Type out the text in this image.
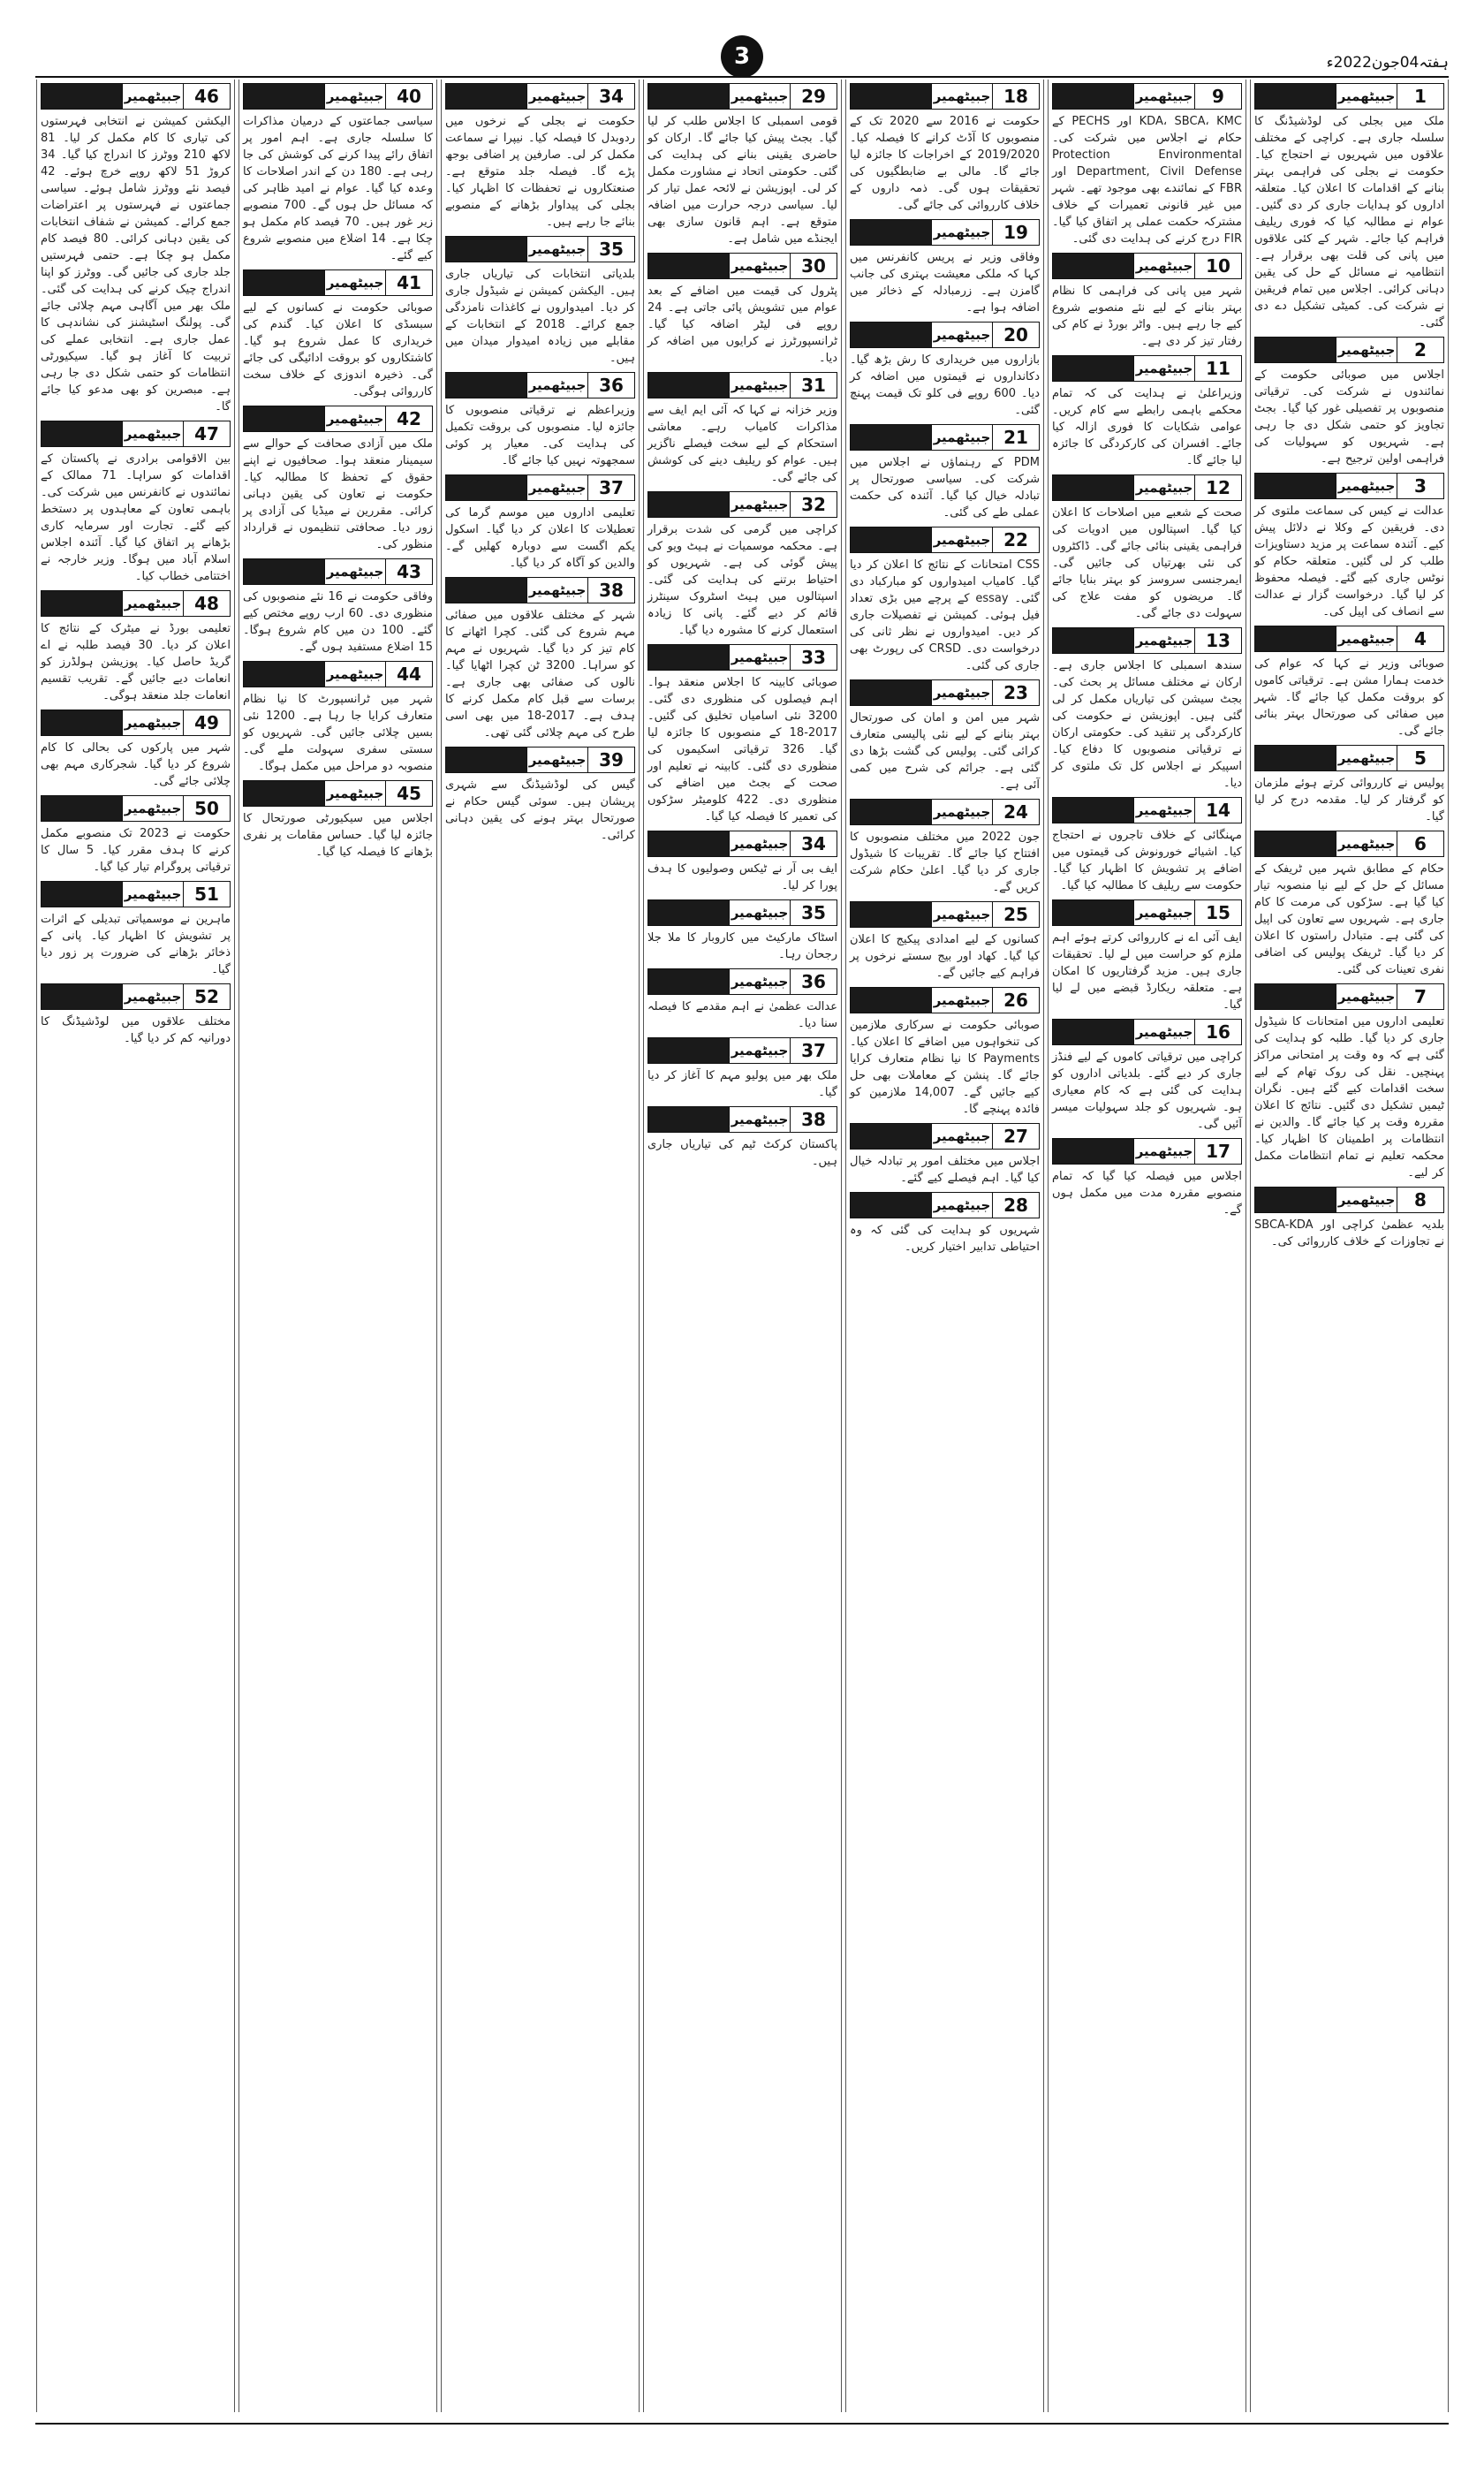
3	ہفتہ04جون2022ء
جبیٹھمیر	1
ملک میں بجلی کی لوڈشیڈنگ کا سلسلہ جاری ہے۔ کراچی کے مختلف علاقوں میں شہریوں نے احتجاج کیا۔ حکومت نے بجلی کی فراہمی بہتر بنانے کے اقدامات کا اعلان کیا۔ متعلقہ اداروں کو ہدایات جاری کر دی گئیں۔ عوام نے مطالبہ کیا کہ فوری ریلیف فراہم کیا جائے۔ شہر کے کئی علاقوں میں پانی کی قلت بھی برقرار ہے۔ انتظامیہ نے مسائل کے حل کی یقین دہانی کرائی۔ اجلاس میں تمام فریقین نے شرکت کی۔ کمیٹی تشکیل دے دی گئی۔
جبیٹھمیر	2
اجلاس میں صوبائی حکومت کے نمائندوں نے شرکت کی۔ ترقیاتی منصوبوں پر تفصیلی غور کیا گیا۔ بجٹ تجاویز کو حتمی شکل دی جا رہی ہے۔ شہریوں کو سہولیات کی فراہمی اولین ترجیح ہے۔
جبیٹھمیر	3
عدالت نے کیس کی سماعت ملتوی کر دی۔ فریقین کے وکلا نے دلائل پیش کیے۔ آئندہ سماعت پر مزید دستاویزات طلب کر لی گئیں۔ متعلقہ حکام کو نوٹس جاری کیے گئے۔ فیصلہ محفوظ کر لیا گیا۔ درخواست گزار نے عدالت سے انصاف کی اپیل کی۔
جبیٹھمیر	4
صوبائی وزیر نے کہا کہ عوام کی خدمت ہمارا مشن ہے۔ ترقیاتی کاموں کو بروقت مکمل کیا جائے گا۔ شہر میں صفائی کی صورتحال بہتر بنائی جائے گی۔
جبیٹھمیر	5
پولیس نے کارروائی کرتے ہوئے ملزمان کو گرفتار کر لیا۔ مقدمہ درج کر لیا گیا۔
جبیٹھمیر	6
حکام کے مطابق شہر میں ٹریفک کے مسائل کے حل کے لیے نیا منصوبہ تیار کیا گیا ہے۔ سڑکوں کی مرمت کا کام جاری ہے۔ شہریوں سے تعاون کی اپیل کی گئی ہے۔ متبادل راستوں کا اعلان کر دیا گیا۔ ٹریفک پولیس کی اضافی نفری تعینات کی گئی۔
جبیٹھمیر	7
تعلیمی اداروں میں امتحانات کا شیڈول جاری کر دیا گیا۔ طلبہ کو ہدایت کی گئی ہے کہ وہ وقت پر امتحانی مراکز پہنچیں۔ نقل کی روک تھام کے لیے سخت اقدامات کیے گئے ہیں۔ نگران ٹیمیں تشکیل دی گئیں۔ نتائج کا اعلان مقررہ وقت پر کیا جائے گا۔ والدین نے انتظامات پر اطمینان کا اظہار کیا۔ محکمہ تعلیم نے تمام انتظامات مکمل کر لیے۔
جبیٹھمیر	8
بلدیہ عظمیٰ کراچی اور SBCA-KDA نے تجاوزات کے خلاف کارروائی کی۔
جبیٹھمیر	9
KDA، SBCA، KMC اور PECHS کے حکام نے اجلاس میں شرکت کی۔ Protection Environmental Department, Civil Defense اور FBR کے نمائندے بھی موجود تھے۔ شہر میں غیر قانونی تعمیرات کے خلاف مشترکہ حکمت عملی پر اتفاق کیا گیا۔ FIR درج کرنے کی ہدایت دی گئی۔
جبیٹھمیر 10
شہر میں پانی کی فراہمی کا نظام بہتر بنانے کے لیے نئے منصوبے شروع کیے جا رہے ہیں۔ واٹر بورڈ نے کام کی رفتار تیز کر دی ہے۔
جبیٹھمیر 11
وزیراعلیٰ نے ہدایت کی کہ تمام محکمے باہمی رابطے سے کام کریں۔ عوامی شکایات کا فوری ازالہ کیا جائے۔ افسران کی کارکردگی کا جائزہ لیا جائے گا۔
جبیٹھمیر 12
صحت کے شعبے میں اصلاحات کا اعلان کیا گیا۔ اسپتالوں میں ادویات کی فراہمی یقینی بنائی جائے گی۔ ڈاکٹروں کی نئی بھرتیاں کی جائیں گی۔ ایمرجنسی سروسز کو بہتر بنایا جائے گا۔ مریضوں کو مفت علاج کی سہولت دی جائے گی۔
جبیٹھمیر 13
سندھ اسمبلی کا اجلاس جاری ہے۔ ارکان نے مختلف مسائل پر بحث کی۔ بجٹ سیشن کی تیاریاں مکمل کر لی گئی ہیں۔ اپوزیشن نے حکومت کی کارکردگی پر تنقید کی۔ حکومتی ارکان نے ترقیاتی منصوبوں کا دفاع کیا۔ اسپیکر نے اجلاس کل تک ملتوی کر دیا۔
جبیٹھمیر 14
مہنگائی کے خلاف تاجروں نے احتجاج کیا۔ اشیائے خورونوش کی قیمتوں میں اضافے پر تشویش کا اظہار کیا گیا۔ حکومت سے ریلیف کا مطالبہ کیا گیا۔
جبیٹھمیر 15
ایف آئی اے نے کارروائی کرتے ہوئے اہم ملزم کو حراست میں لے لیا۔ تحقیقات جاری ہیں۔ مزید گرفتاریوں کا امکان ہے۔ متعلقہ ریکارڈ قبضے میں لے لیا گیا۔
جبیٹھمیر 16
کراچی میں ترقیاتی کاموں کے لیے فنڈز جاری کر دیے گئے۔ بلدیاتی اداروں کو ہدایت کی گئی ہے کہ کام معیاری ہو۔ شہریوں کو جلد سہولیات میسر آئیں گی۔
جبیٹھمیر 17
اجلاس میں فیصلہ کیا گیا کہ تمام منصوبے مقررہ مدت میں مکمل ہوں گے۔
جبیٹھمیر 18
حکومت نے 2016 سے 2020 تک کے منصوبوں کا آڈٹ کرانے کا فیصلہ کیا۔ 2019/2020 کے اخراجات کا جائزہ لیا جائے گا۔ مالی بے ضابطگیوں کی تحقیقات ہوں گی۔ ذمہ داروں کے خلاف کارروائی کی جائے گی۔
جبیٹھمیر 19
وفاقی وزیر نے پریس کانفرنس میں کہا کہ ملکی معیشت بہتری کی جانب گامزن ہے۔ زرمبادلہ کے ذخائر میں اضافہ ہوا ہے۔
جبیٹھمیر 20
بازاروں میں خریداری کا رش بڑھ گیا۔ دکانداروں نے قیمتوں میں اضافہ کر دیا۔ 600 روپے فی کلو تک قیمت پہنچ گئی۔
جبیٹھمیر 21
PDM کے رہنماؤں نے اجلاس میں شرکت کی۔ سیاسی صورتحال پر تبادلہ خیال کیا گیا۔ آئندہ کی حکمت عملی طے کی گئی۔
جبیٹھمیر 22
CSS امتحانات کے نتائج کا اعلان کر دیا گیا۔ کامیاب امیدواروں کو مبارکباد دی گئی۔ essay کے پرچے میں بڑی تعداد فیل ہوئی۔ کمیشن نے تفصیلات جاری کر دیں۔ امیدواروں نے نظر ثانی کی درخواست دی۔ CRSD کی رپورٹ بھی جاری کی گئی۔
جبیٹھمیر 23
شہر میں امن و امان کی صورتحال بہتر بنانے کے لیے نئی پالیسی متعارف کرائی گئی۔ پولیس کی گشت بڑھا دی گئی ہے۔ جرائم کی شرح میں کمی آئی ہے۔
جبیٹھمیر 24
جون 2022 میں مختلف منصوبوں کا افتتاح کیا جائے گا۔ تقریبات کا شیڈول جاری کر دیا گیا۔ اعلیٰ حکام شرکت کریں گے۔
جبیٹھمیر 25
کسانوں کے لیے امدادی پیکیج کا اعلان کیا گیا۔ کھاد اور بیج سستے نرخوں پر فراہم کیے جائیں گے۔
جبیٹھمیر 26
صوبائی حکومت نے سرکاری ملازمین کی تنخواہوں میں اضافے کا اعلان کیا۔ Payments کا نیا نظام متعارف کرایا جائے گا۔ پنشن کے معاملات بھی حل کیے جائیں گے۔ 14,007 ملازمین کو فائدہ پہنچے گا۔
جبیٹھمیر 27
اجلاس میں مختلف امور پر تبادلہ خیال کیا گیا۔ اہم فیصلے کیے گئے۔
جبیٹھمیر 28
شہریوں کو ہدایت کی گئی کہ وہ احتیاطی تدابیر اختیار کریں۔
جبیٹھمیر 29
قومی اسمبلی کا اجلاس طلب کر لیا گیا۔ بجٹ پیش کیا جائے گا۔ ارکان کو حاضری یقینی بنانے کی ہدایت کی گئی۔ حکومتی اتحاد نے مشاورت مکمل کر لی۔ اپوزیشن نے لائحہ عمل تیار کر لیا۔ سیاسی درجہ حرارت میں اضافہ متوقع ہے۔ اہم قانون سازی بھی ایجنڈے میں شامل ہے۔
جبیٹھمیر 30
پٹرول کی قیمت میں اضافے کے بعد عوام میں تشویش پائی جاتی ہے۔ 24 روپے فی لیٹر اضافہ کیا گیا۔ ٹرانسپورٹرز نے کرایوں میں اضافہ کر دیا۔
جبیٹھمیر 31
وزیر خزانہ نے کہا کہ آئی ایم ایف سے مذاکرات کامیاب رہے۔ معاشی استحکام کے لیے سخت فیصلے ناگزیر ہیں۔ عوام کو ریلیف دینے کی کوشش کی جائے گی۔
جبیٹھمیر 32
کراچی میں گرمی کی شدت برقرار ہے۔ محکمہ موسمیات نے ہیٹ ویو کی پیش گوئی کی ہے۔ شہریوں کو احتیاط برتنے کی ہدایت کی گئی۔ اسپتالوں میں ہیٹ اسٹروک سینٹرز قائم کر دیے گئے۔ پانی کا زیادہ استعمال کرنے کا مشورہ دیا گیا۔
جبیٹھمیر 33
صوبائی کابینہ کا اجلاس منعقد ہوا۔ اہم فیصلوں کی منظوری دی گئی۔ 3200 نئی اسامیاں تخلیق کی گئیں۔ 2017-18 کے منصوبوں کا جائزہ لیا گیا۔ 326 ترقیاتی اسکیموں کی منظوری دی گئی۔ کابینہ نے تعلیم اور صحت کے بجٹ میں اضافے کی منظوری دی۔ 422 کلومیٹر سڑکوں کی تعمیر کا فیصلہ کیا گیا۔
جبیٹھمیر 34
ایف بی آر نے ٹیکس وصولیوں کا ہدف پورا کر لیا۔
جبیٹھمیر 35
اسٹاک مارکیٹ میں کاروبار کا ملا جلا رجحان رہا۔
جبیٹھمیر 36
عدالت عظمیٰ نے اہم مقدمے کا فیصلہ سنا دیا۔
جبیٹھمیر 37
ملک بھر میں پولیو مہم کا آغاز کر دیا گیا۔
جبیٹھمیر 38
پاکستان کرکٹ ٹیم کی تیاریاں جاری ہیں۔
جبیٹھمیر 34
حکومت نے بجلی کے نرخوں میں ردوبدل کا فیصلہ کیا۔ نیپرا نے سماعت مکمل کر لی۔ صارفین پر اضافی بوجھ پڑے گا۔ فیصلہ جلد متوقع ہے۔ صنعتکاروں نے تحفظات کا اظہار کیا۔ بجلی کی پیداوار بڑھانے کے منصوبے بنائے جا رہے ہیں۔
جبیٹھمیر 35
بلدیاتی انتخابات کی تیاریاں جاری ہیں۔ الیکشن کمیشن نے شیڈول جاری کر دیا۔ امیدواروں نے کاغذات نامزدگی جمع کرائے۔ 2018 کے انتخابات کے مقابلے میں زیادہ امیدوار میدان میں ہیں۔
جبیٹھمیر 36
وزیراعظم نے ترقیاتی منصوبوں کا جائزہ لیا۔ منصوبوں کی بروقت تکمیل کی ہدایت کی۔ معیار پر کوئی سمجھوتہ نہیں کیا جائے گا۔
جبیٹھمیر 37
تعلیمی اداروں میں موسم گرما کی تعطیلات کا اعلان کر دیا گیا۔ اسکول یکم اگست سے دوبارہ کھلیں گے۔ والدین کو آگاہ کر دیا گیا۔
جبیٹھمیر 38
شہر کے مختلف علاقوں میں صفائی مہم شروع کی گئی۔ کچرا اٹھانے کا کام تیز کر دیا گیا۔ شہریوں نے مہم کو سراہا۔ 3200 ٹن کچرا اٹھایا گیا۔ نالوں کی صفائی بھی جاری ہے۔ برسات سے قبل کام مکمل کرنے کا ہدف ہے۔ 2017-18 میں بھی اسی طرح کی مہم چلائی گئی تھی۔
جبیٹھمیر 39
گیس کی لوڈشیڈنگ سے شہری پریشان ہیں۔ سوئی گیس حکام نے صورتحال بہتر ہونے کی یقین دہانی کرائی۔
جبیٹھمیر 40
سیاسی جماعتوں کے درمیان مذاکرات کا سلسلہ جاری ہے۔ اہم امور پر اتفاق رائے پیدا کرنے کی کوشش کی جا رہی ہے۔ 180 دن کے اندر اصلاحات کا وعدہ کیا گیا۔ عوام نے امید ظاہر کی کہ مسائل حل ہوں گے۔ 700 منصوبے زیر غور ہیں۔ 70 فیصد کام مکمل ہو چکا ہے۔ 14 اضلاع میں منصوبے شروع کیے گئے۔
جبیٹھمیر 41
صوبائی حکومت نے کسانوں کے لیے سبسڈی کا اعلان کیا۔ گندم کی خریداری کا عمل شروع ہو گیا۔ کاشتکاروں کو بروقت ادائیگی کی جائے گی۔ ذخیرہ اندوزی کے خلاف سخت کارروائی ہوگی۔
جبیٹھمیر 42
ملک میں آزادی صحافت کے حوالے سے سیمینار منعقد ہوا۔ صحافیوں نے اپنے حقوق کے تحفظ کا مطالبہ کیا۔ حکومت نے تعاون کی یقین دہانی کرائی۔ مقررین نے میڈیا کی آزادی پر زور دیا۔ صحافتی تنظیموں نے قرارداد منظور کی۔
جبیٹھمیر 43
وفاقی حکومت نے 16 نئے منصوبوں کی منظوری دی۔ 60 ارب روپے مختص کیے گئے۔ 100 دن میں کام شروع ہوگا۔ 15 اضلاع مستفید ہوں گے۔
جبیٹھمیر 44
شہر میں ٹرانسپورٹ کا نیا نظام متعارف کرایا جا رہا ہے۔ 1200 نئی بسیں چلائی جائیں گی۔ شہریوں کو سستی سفری سہولت ملے گی۔ منصوبہ دو مراحل میں مکمل ہوگا۔
جبیٹھمیر 45
اجلاس میں سیکیورٹی صورتحال کا جائزہ لیا گیا۔ حساس مقامات پر نفری بڑھانے کا فیصلہ کیا گیا۔
جبیٹھمیر 46
الیکشن کمیشن نے انتخابی فہرستوں کی تیاری کا کام مکمل کر لیا۔ 81 لاکھ 210 ووٹرز کا اندراج کیا گیا۔ 34 کروڑ 51 لاکھ روپے خرچ ہوئے۔ 42 فیصد نئے ووٹرز شامل ہوئے۔ سیاسی جماعتوں نے فہرستوں پر اعتراضات جمع کرائے۔ کمیشن نے شفاف انتخابات کی یقین دہانی کرائی۔ 80 فیصد کام مکمل ہو چکا ہے۔ حتمی فہرستیں جلد جاری کی جائیں گی۔ ووٹرز کو اپنا اندراج چیک کرنے کی ہدایت کی گئی۔ ملک بھر میں آگاہی مہم چلائی جائے گی۔ پولنگ اسٹیشنز کی نشاندہی کا عمل جاری ہے۔ انتخابی عملے کی تربیت کا آغاز ہو گیا۔ سیکیورٹی انتظامات کو حتمی شکل دی جا رہی ہے۔ مبصرین کو بھی مدعو کیا جائے گا۔
جبیٹھمیر 47
بین الاقوامی برادری نے پاکستان کے اقدامات کو سراہا۔ 71 ممالک کے نمائندوں نے کانفرنس میں شرکت کی۔ باہمی تعاون کے معاہدوں پر دستخط کیے گئے۔ تجارت اور سرمایہ کاری بڑھانے پر اتفاق کیا گیا۔ آئندہ اجلاس اسلام آباد میں ہوگا۔ وزیر خارجہ نے اختتامی خطاب کیا۔
جبیٹھمیر 48
تعلیمی بورڈ نے میٹرک کے نتائج کا اعلان کر دیا۔ 30 فیصد طلبہ نے اے گریڈ حاصل کیا۔ پوزیشن ہولڈرز کو انعامات دیے جائیں گے۔ تقریب تقسیم انعامات جلد منعقد ہوگی۔
جبیٹھمیر 49
شہر میں پارکوں کی بحالی کا کام شروع کر دیا گیا۔ شجرکاری مہم بھی چلائی جائے گی۔
جبیٹھمیر 50
حکومت نے 2023 تک منصوبے مکمل کرنے کا ہدف مقرر کیا۔ 5 سال کا ترقیاتی پروگرام تیار کیا گیا۔
جبیٹھمیر 51
ماہرین نے موسمیاتی تبدیلی کے اثرات پر تشویش کا اظہار کیا۔ پانی کے ذخائر بڑھانے کی ضرورت پر زور دیا گیا۔
جبیٹھمیر 52
مختلف علاقوں میں لوڈشیڈنگ کا دورانیہ کم کر دیا گیا۔
